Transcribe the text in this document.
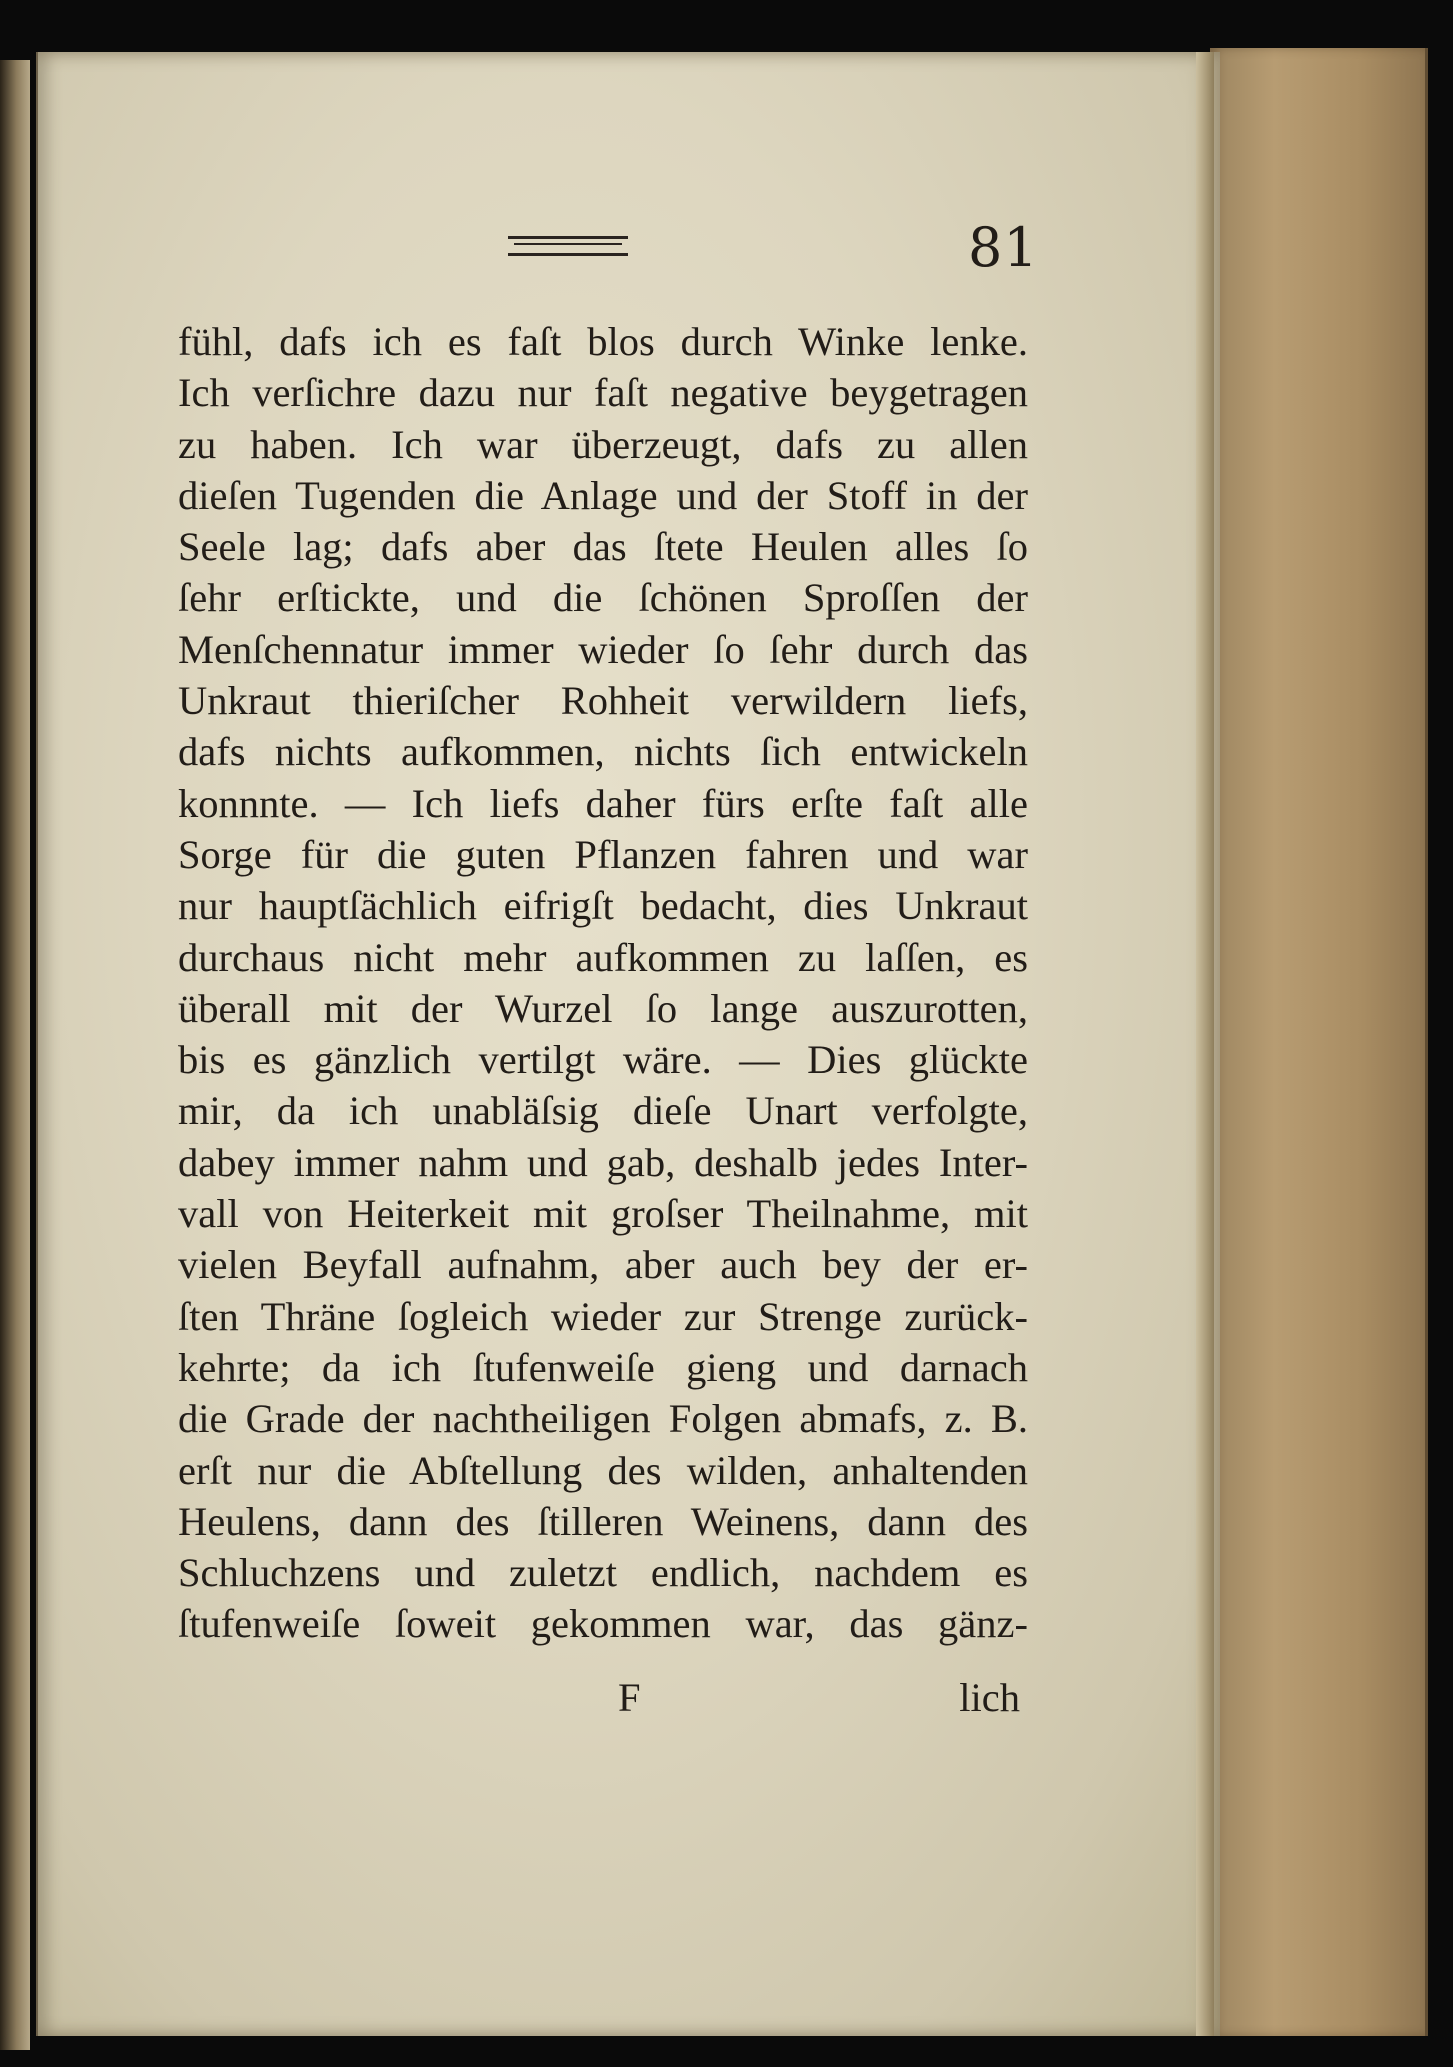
81
fühl, dafs ich es faſt blos durch Winke lenke.
Ich verſichre dazu nur faſt negative beygetragen
zu haben. Ich war überzeugt, dafs zu allen
dieſen Tugenden die Anlage und der Stoff in der
Seele lag; dafs aber das ſtete Heulen alles ſo
ſehr erſtickte, und die ſchönen Sproſſen der
Menſchennatur immer wieder ſo ſehr durch das
Unkraut thieriſcher Rohheit verwildern liefs,
dafs nichts aufkommen, nichts ſich entwickeln
konnnte. — Ich liefs daher fürs erſte faſt alle
Sorge für die guten Pflanzen fahren und war
nur hauptſächlich eifrigſt bedacht, dies Unkraut
durchaus nicht mehr aufkommen zu laſſen, es
überall mit der Wurzel ſo lange auszurotten,
bis es gänzlich vertilgt wäre. — Dies glückte
mir, da ich unabläſsig dieſe Unart verfolgte,
dabey immer nahm und gab, deshalb jedes Inter-
vall von Heiterkeit mit groſser Theilnahme, mit
vielen Beyfall aufnahm, aber auch bey der er-
ſten Thräne ſogleich wieder zur Strenge zurück-
kehrte; da ich ſtufenweiſe gieng und darnach
die Grade der nachtheiligen Folgen abmafs, z. B.
erſt nur die Abſtellung des wilden, anhaltenden
Heulens, dann des ſtilleren Weinens, dann des
Schluchzens und zuletzt endlich, nachdem es
ſtufenweiſe ſoweit gekommen war, das gänz-
F	lich
